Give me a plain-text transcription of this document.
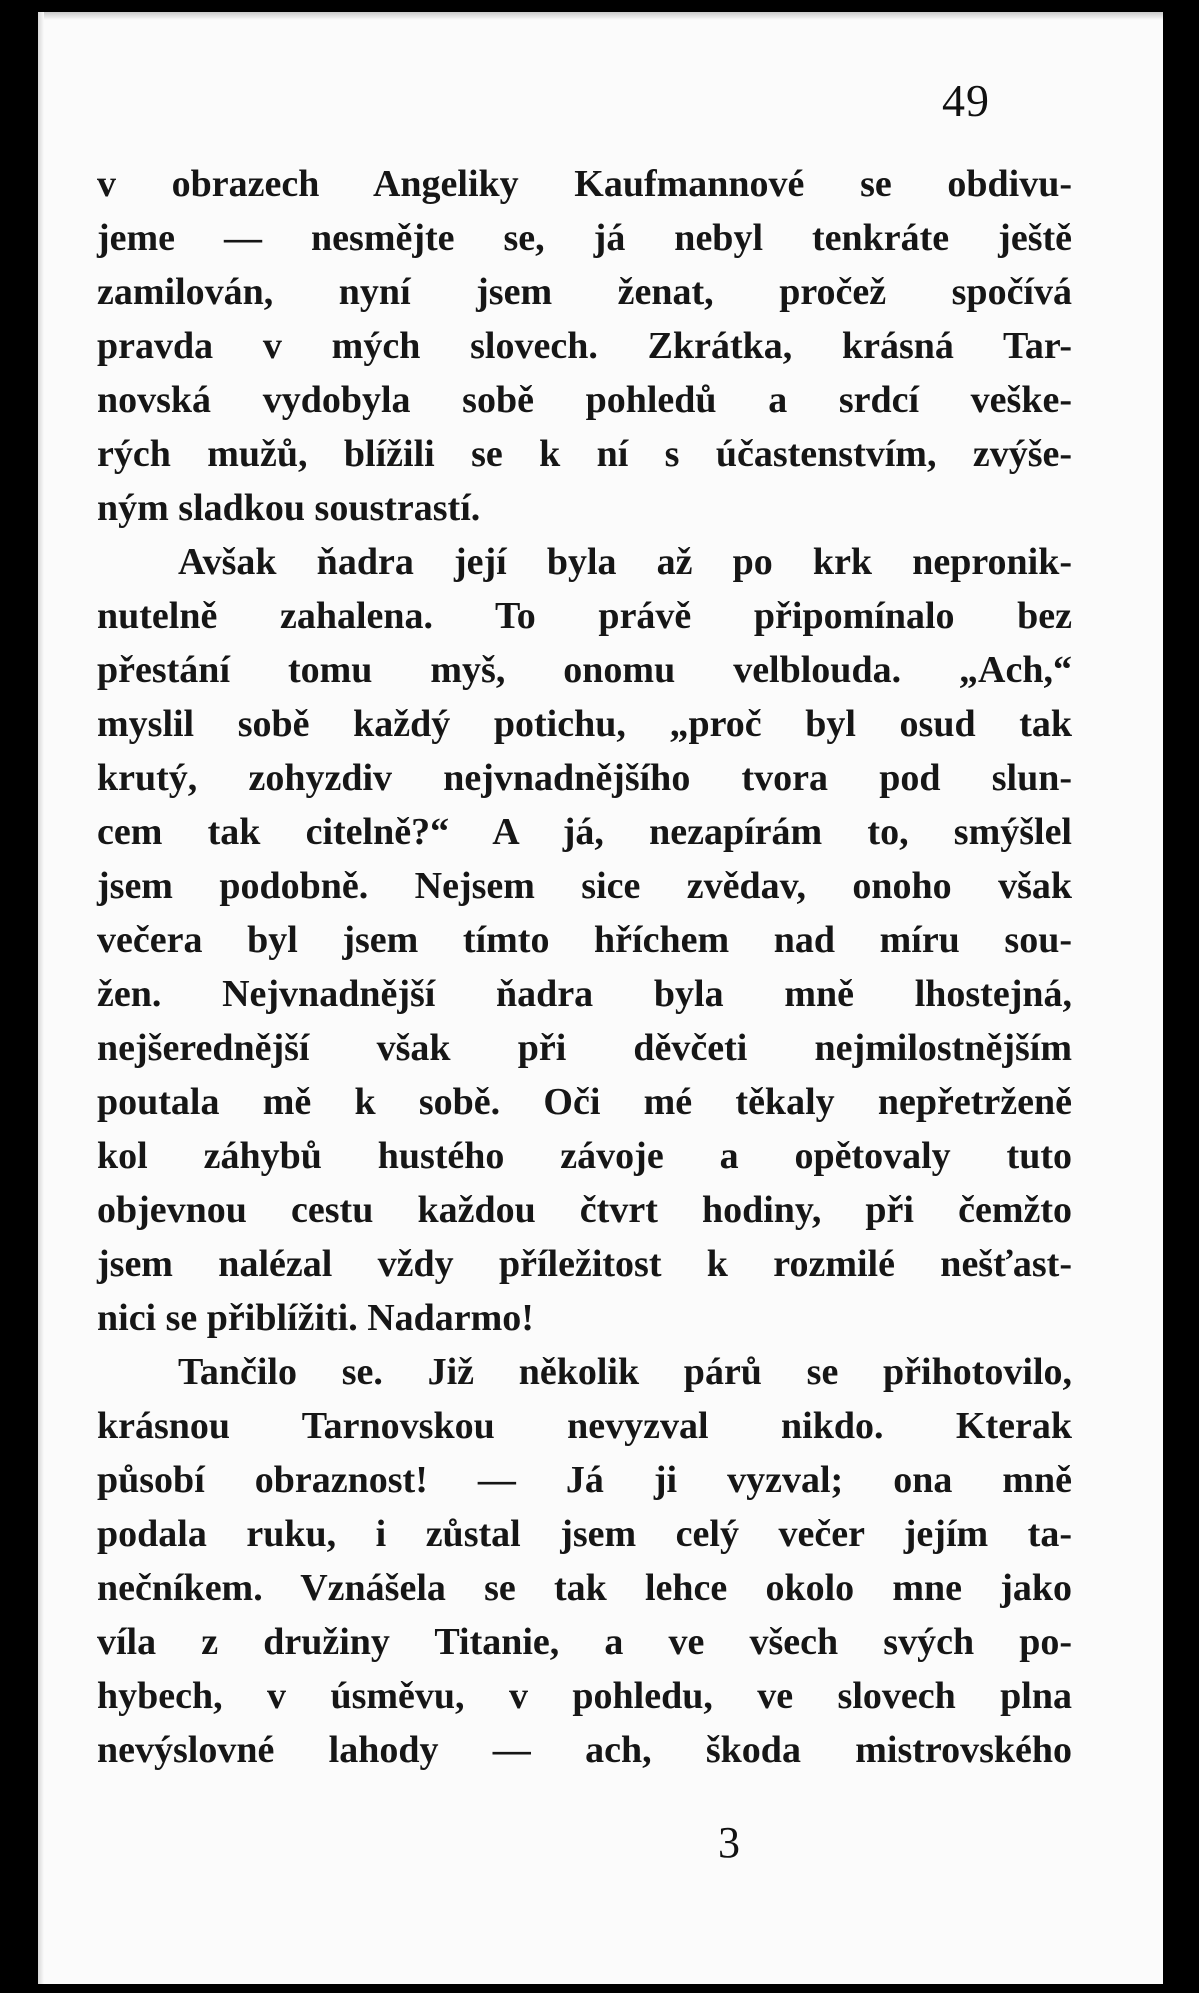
49
v obrazech Angeliky Kaufmannové se obdivu-
jeme — nesmějte se, já nebyl tenkráte ještě
zamilován, nyní jsem ženat, pročež spočívá
pravda v mých slovech. Zkrátka, krásná Tar-
novská vydobyla sobě pohledů a srdcí veške-
rých mužů, blížili se k ní s účastenstvím, zvýše-
ným sladkou soustrastí.
Avšak ňadra její byla až po krk nepronik-
nutelně zahalena. To právě připomínalo bez
přestání tomu myš, onomu velblouda. „Ach,“
myslil sobě každý potichu, „proč byl osud tak
krutý, zohyzdiv nejvnadnějšího tvora pod slun-
cem tak citelně?“ A já, nezapírám to, smýšlel
jsem podobně. Nejsem sice zvědav, onoho však
večera byl jsem tímto hříchem nad míru sou-
žen. Nejvnadnější ňadra byla mně lhostejná,
nejšerednější však při děvčeti nejmilostnějším
poutala mě k sobě. Oči mé těkaly nepřetrženě
kol záhybů hustého závoje a opětovaly tuto
objevnou cestu každou čtvrt hodiny, při čemžto
jsem nalézal vždy příležitost k rozmilé nešťast-
nici se přiblížiti. Nadarmo!
Tančilo se. Již několik párů se přihotovilo,
krásnou Tarnovskou nevyzval nikdo. Kterak
působí obraznost! — Já ji vyzval; ona mně
podala ruku, i zůstal jsem celý večer jejím ta-
nečníkem. Vznášela se tak lehce okolo mne jako
víla z družiny Titanie, a ve všech svých po-
hybech, v úsměvu, v pohledu, ve slovech plna
nevýslovné lahody — ach, škoda mistrovského
3
